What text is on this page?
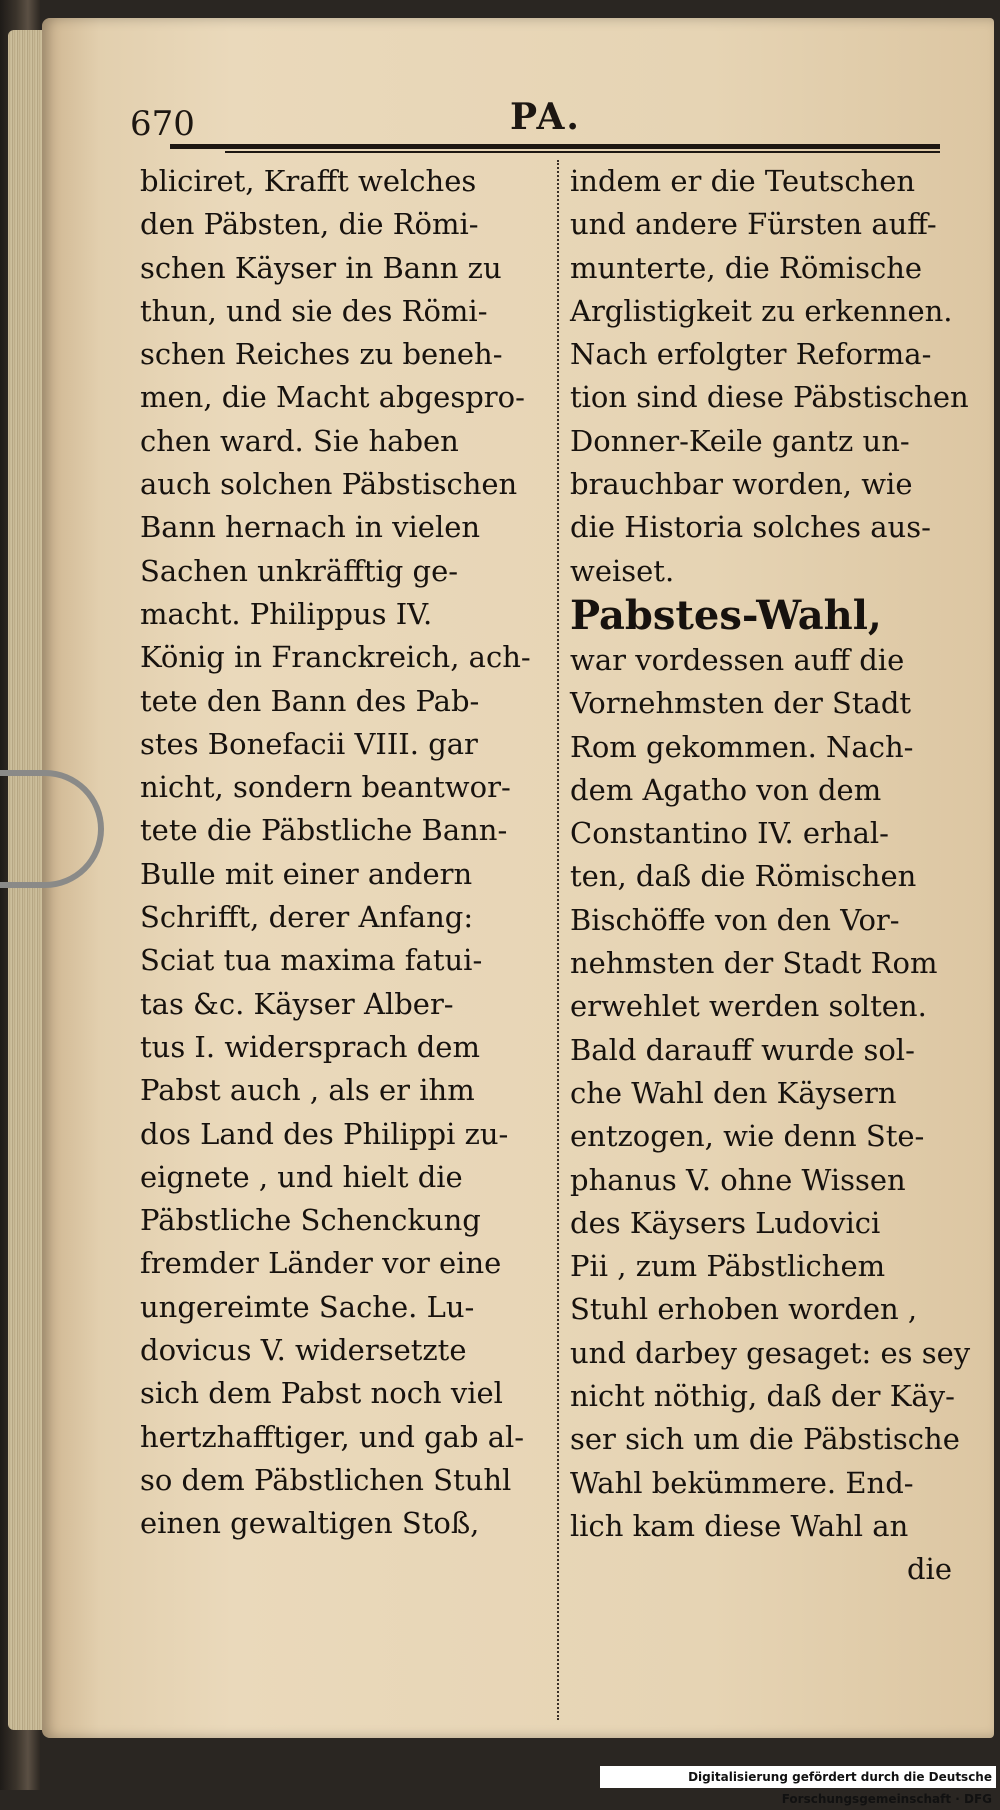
670	PA.
bliciret, Krafft welches
den Päbsten, die Römi-
schen Käyser in Bann zu
thun, und sie des Römi-
schen Reiches zu beneh-
men, die Macht abgespro-
chen ward. Sie haben
auch solchen Päbstischen
Bann hernach in vielen
Sachen unkräfftig ge-
macht. Philippus IV.
König in Franckreich, ach-
tete den Bann des Pab-
stes Bonefacii VIII. gar
nicht, sondern beantwor-
tete die Päbstliche Bann-
Bulle mit einer andern
Schrifft, derer Anfang:
Sciat tua maxima fatui-
tas &c. Käyser Alber-
tus I. widersprach dem
Pabst auch , als er ihm
dos Land des Philippi zu-
eignete , und hielt die
Päbstliche Schenckung
fremder Länder vor eine
ungereimte Sache. Lu-
dovicus V. widersetzte
sich dem Pabst noch viel
hertzhafftiger, und gab al-
so dem Päbstlichen Stuhl
einen gewaltigen Stoß,
indem er die Teutschen
und andere Fürsten auff-
munterte, die Römische
Arglistigkeit zu erkennen.
Nach erfolgter Reforma-
tion sind diese Päbstischen
Donner-Keile gantz un-
brauchbar worden, wie
die Historia solches aus-
weiset.
Pabstes-Wahl,
war vordessen auff die
Vornehmsten der Stadt
Rom gekommen. Nach-
dem Agatho von dem
Constantino IV. erhal-
ten, daß die Römischen
Bischöffe von den Vor-
nehmsten der Stadt Rom
erwehlet werden solten.
Bald darauff wurde sol-
che Wahl den Käysern
entzogen, wie denn Ste-
phanus V. ohne Wissen
des Käysers Ludovici
Pii , zum Päbstlichem
Stuhl erhoben worden ,
und darbey gesaget: es sey
nicht nöthig, daß der Käy-
ser sich um die Päbstische
Wahl bekümmere. End-
lich kam diese Wahl an
die
Digitalisierung gefördert durch die Deutsche Forschungsgemeinschaft · DFG
